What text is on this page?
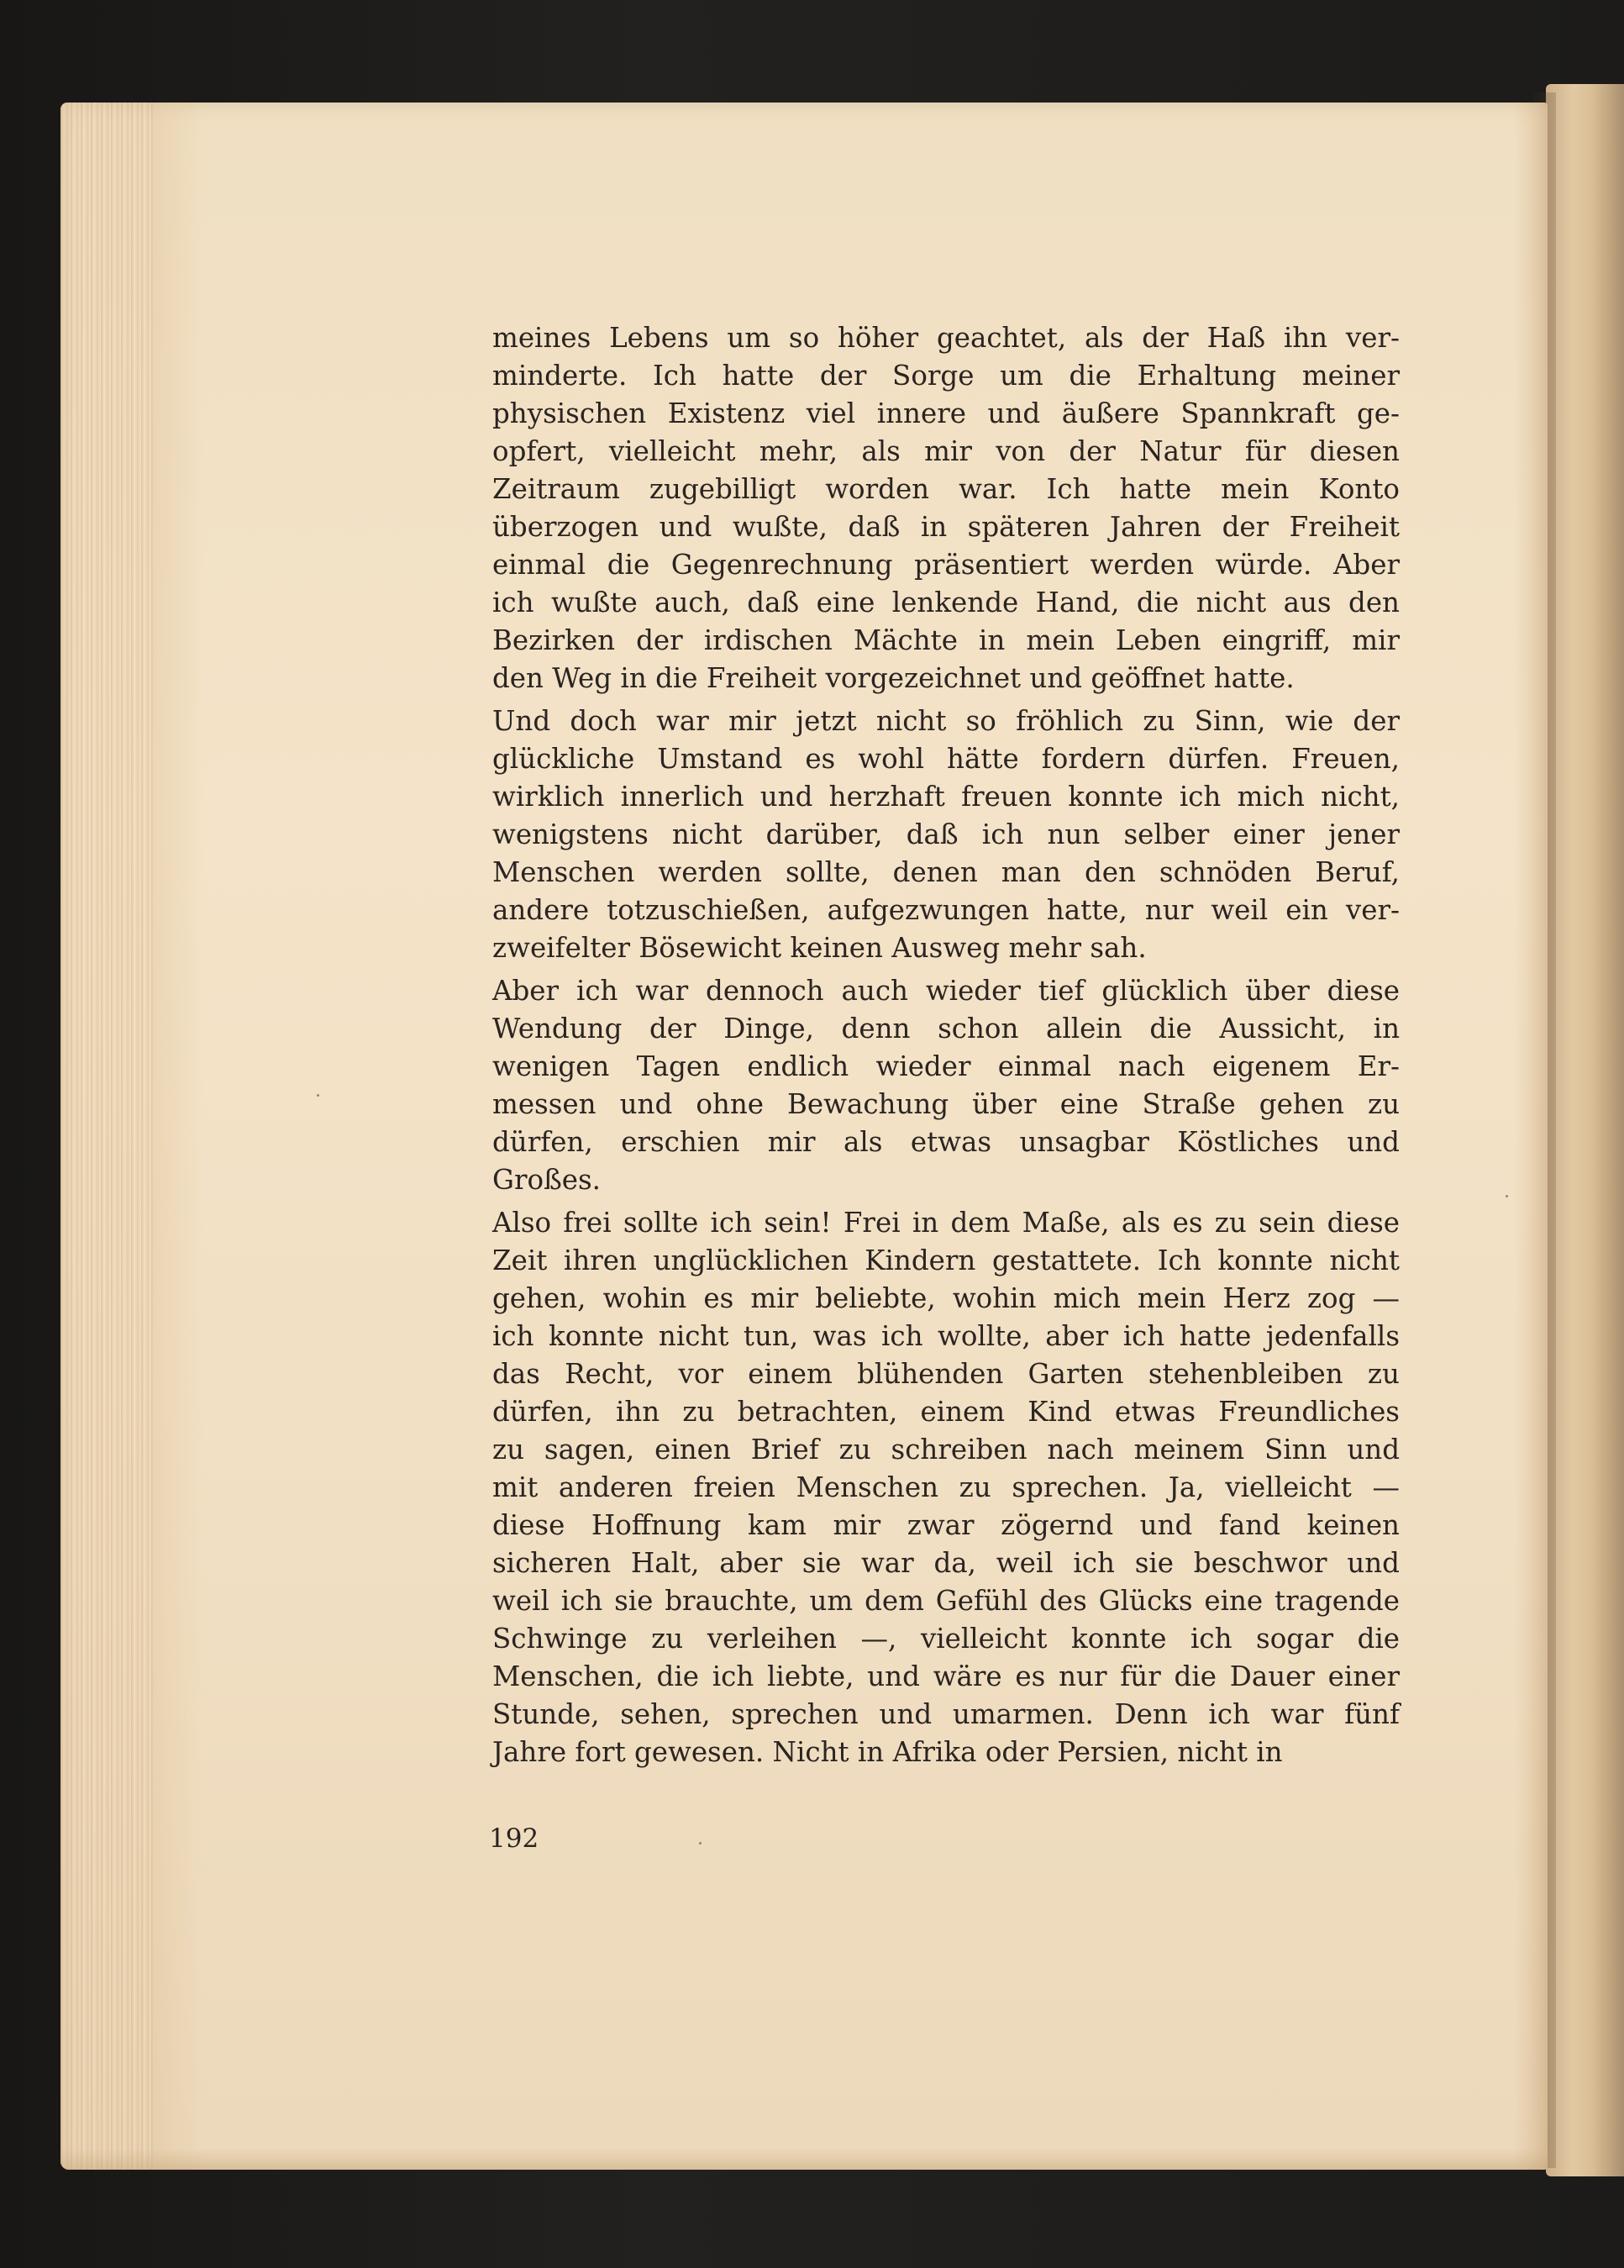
meines Lebens um so höher geachtet, als der Haß ihn ver-
minderte. Ich hatte der Sorge um die Erhaltung meiner
physischen Existenz viel innere und äußere Spannkraft ge-
opfert, vielleicht mehr, als mir von der Natur für diesen
Zeitraum zugebilligt worden war. Ich hatte mein Konto
überzogen und wußte, daß in späteren Jahren der Freiheit
einmal die Gegenrechnung präsentiert werden würde. Aber
ich wußte auch, daß eine lenkende Hand, die nicht aus den
Bezirken der irdischen Mächte in mein Leben eingriff, mir
den Weg in die Freiheit vorgezeichnet und geöffnet hatte.
Und doch war mir jetzt nicht so fröhlich zu Sinn, wie der
glückliche Umstand es wohl hätte fordern dürfen. Freuen,
wirklich innerlich und herzhaft freuen konnte ich mich nicht,
wenigstens nicht darüber, daß ich nun selber einer jener
Menschen werden sollte, denen man den schnöden Beruf,
andere totzuschießen, aufgezwungen hatte, nur weil ein ver-
zweifelter Bösewicht keinen Ausweg mehr sah.
Aber ich war dennoch auch wieder tief glücklich über diese
Wendung der Dinge, denn schon allein die Aussicht, in
wenigen Tagen endlich wieder einmal nach eigenem Er-
messen und ohne Bewachung über eine Straße gehen zu
dürfen, erschien mir als etwas unsagbar Köstliches und
Großes.
Also frei sollte ich sein! Frei in dem Maße, als es zu sein diese
Zeit ihren unglücklichen Kindern gestattete. Ich konnte nicht
gehen, wohin es mir beliebte, wohin mich mein Herz zog —
ich konnte nicht tun, was ich wollte, aber ich hatte jedenfalls
das Recht, vor einem blühenden Garten stehenbleiben zu
dürfen, ihn zu betrachten, einem Kind etwas Freundliches
zu sagen, einen Brief zu schreiben nach meinem Sinn und
mit anderen freien Menschen zu sprechen. Ja, vielleicht —
diese Hoffnung kam mir zwar zögernd und fand keinen
sicheren Halt, aber sie war da, weil ich sie beschwor und
weil ich sie brauchte, um dem Gefühl des Glücks eine tragende
Schwinge zu verleihen —, vielleicht konnte ich sogar die
Menschen, die ich liebte, und wäre es nur für die Dauer einer
Stunde, sehen, sprechen und umarmen. Denn ich war fünf
Jahre fort gewesen. Nicht in Afrika oder Persien, nicht in
192
